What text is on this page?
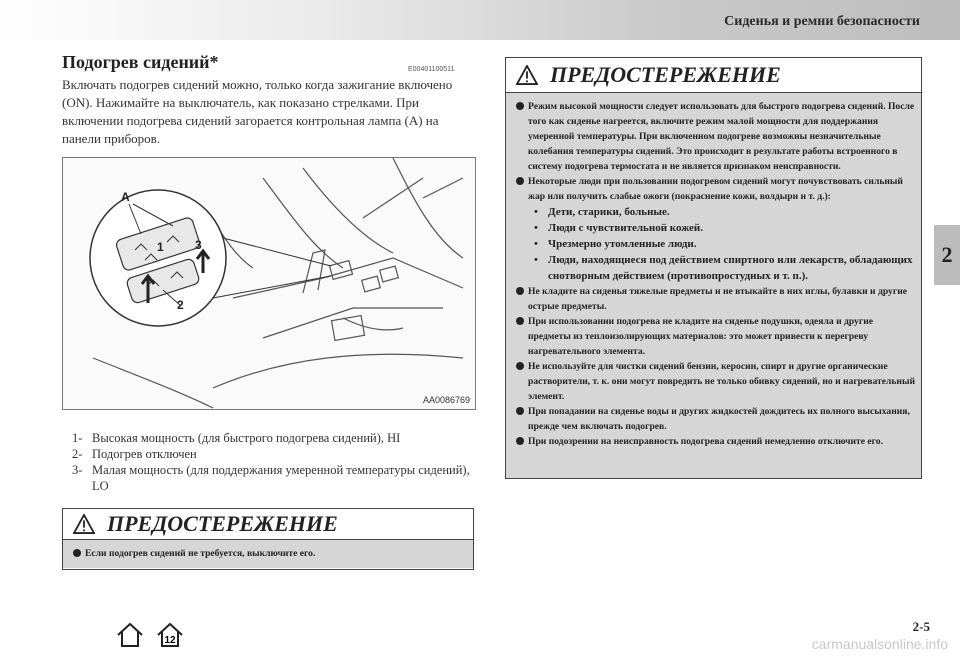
Сиденья и ремни безопасности
2
Подогрев сидений*	E00401100511
Включать подогрев сидений можно, только когда зажигание включено (ON). Нажимайте на выключатель, как показано стрелками. При включении подогрева сидений загорается контрольная лампа (A) на панели приборов.
A
1
2
3
AA0086769
1- Высокая мощность (для быстрого подогрева сидений), HI
2- Подогрев отключен
3- Малая мощность (для поддержания умеренной температуры сидений), LO
ПРЕДОСТЕРЕЖЕНИЕ
Режим высокой мощности следует использовать для быстрого подогрева сидений. После того как сиденье нагреется, включите режим малой мощности для поддержания умеренной температуры. При включенном подогреве возможны незначительные колебания температуры сидений. Это происходит в результате работы встроенного в систему подогрева термостата и не является признаком неисправности.
Некоторые люди при пользовании подогревом сидений могут почувствовать сильный жар или получить слабые ожоги (покраснение кожи, волдыри и т. д.):
• Дети, старики, больные.
• Люди с чувствительной кожей.
• Чрезмерно утомленные люди.
• Люди, находящиеся под действием спиртного или лекарств, обладающих снотворным действием (противопростудных и т. п.).
Не кладите на сиденья тяжелые предметы и не втыкайте в них иглы, булавки и другие острые предметы.
При использовании подогрева не кладите на сиденье подушки, одеяла и другие предметы из теплоизолирующих материалов: это может привести к перегреву нагревательного элемента.
Не используйте для чистки сидений бензин, керосин, спирт и другие органические растворители, т. к. они могут повредить не только обивку сидений, но и нагревательный элемент.
При попадании на сиденье воды и других жидкостей дождитесь их полного высыхания, прежде чем включать подогрев.
При подозрении на неисправность подогрева сидений немедленно отключите его.
ПРЕДОСТЕРЕЖЕНИЕ
Если подогрев сидений не требуется, выключите его.
12
2-5
carmanualsonline.info
